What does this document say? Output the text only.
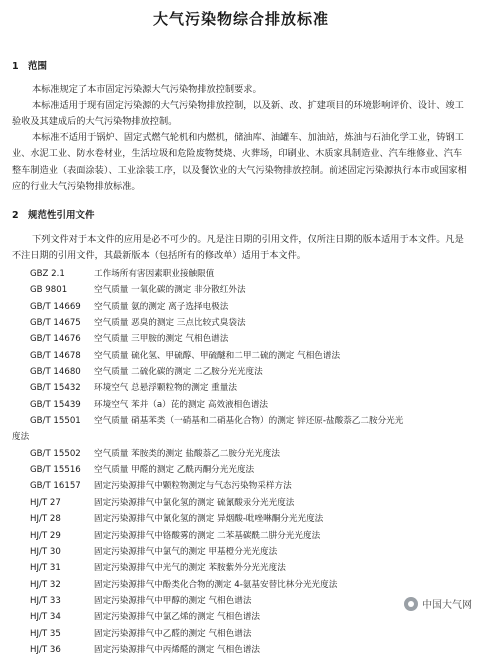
大气污染物综合排放标准
1 范围
本标准规定了本市固定污染源大气污染物排放控制要求。
本标准适用于现有固定污染源的大气污染物排放控制，以及新、改、扩建项目的环境影响评价、设计、竣工验收及其建成后的大气污染物排放控制。
本标准不适用于锅炉、固定式燃气轮机和内燃机，储油库、油罐车、加油站，炼油与石油化学工业，铸钢工业、水泥工业、防水卷材业，生活垃圾和危险废物焚烧、火葬场，印刷业、木质家具制造业、汽车维修业、汽车整车制造业（表面涂装）、工业涂装工序，以及餐饮业的大气污染物排放控制。前述固定污染源执行本市或国家相应的行业大气污染物排放标准。
2 规范性引用文件
下列文件对于本文件的应用是必不可少的。凡是注日期的引用文件，仅所注日期的版本适用于本文件。凡是不注日期的引用文件，其最新版本（包括所有的修改单）适用于本文件。
GBZ 2.1	工作场所有害因素职业接触限值
GB 9801	空气质量 一氧化碳的测定 非分散红外法
GB/T 14669 空气质量 氨的测定 离子选择电极法
GB/T 14675 空气质量 恶臭的测定 三点比较式臭袋法
GB/T 14676 空气质量 三甲胺的测定 气相色谱法
GB/T 14678 空气质量 硫化氢、甲硫醇、甲硫醚和二甲二硫的测定 气相色谱法
GB/T 14680 空气质量 二硫化碳的测定 二乙胺分光光度法
GB/T 15432 环境空气 总悬浮颗粒物的测定 重量法
GB/T 15439 环境空气 苯并（a）芘的测定 高效液相色谱法
GB/T 15501 空气质量 硝基苯类（一硝基和二硝基化合物）的测定 锌还原-盐酸萘乙二胺分光光
度法
GB/T 15502 空气质量 苯胺类的测定 盐酸萘乙二胺分光光度法
GB/T 15516 空气质量 甲醛的测定 乙酰丙酮分光光度法
GB/T 16157 固定污染源排气中颗粒物测定与气态污染物采样方法
HJ/T 27	固定污染源排气中氯化氢的测定 硫氰酸汞分光光度法
HJ/T 28	固定污染源排气中氰化氢的测定 异烟酸-吡唑啉酮分光光度法
HJ/T 29	固定污染源排气中铬酸雾的测定 二苯基碳酰二肼分光光度法
HJ/T 30	固定污染源排气中氯气的测定 甲基橙分光光度法
HJ/T 31	固定污染源排气中光气的测定 苯胺紫外分光光度法
HJ/T 32	固定污染源排气中酚类化合物的测定 4-氨基安替比林分光光度法
HJ/T 33	固定污染源排气中甲醇的测定 气相色谱法
HJ/T 34	固定污染源排气中氯乙烯的测定 气相色谱法
HJ/T 35	固定污染源排气中乙醛的测定 气相色谱法
HJ/T 36	固定污染源排气中丙烯醛的测定 气相色谱法
中国大气网
